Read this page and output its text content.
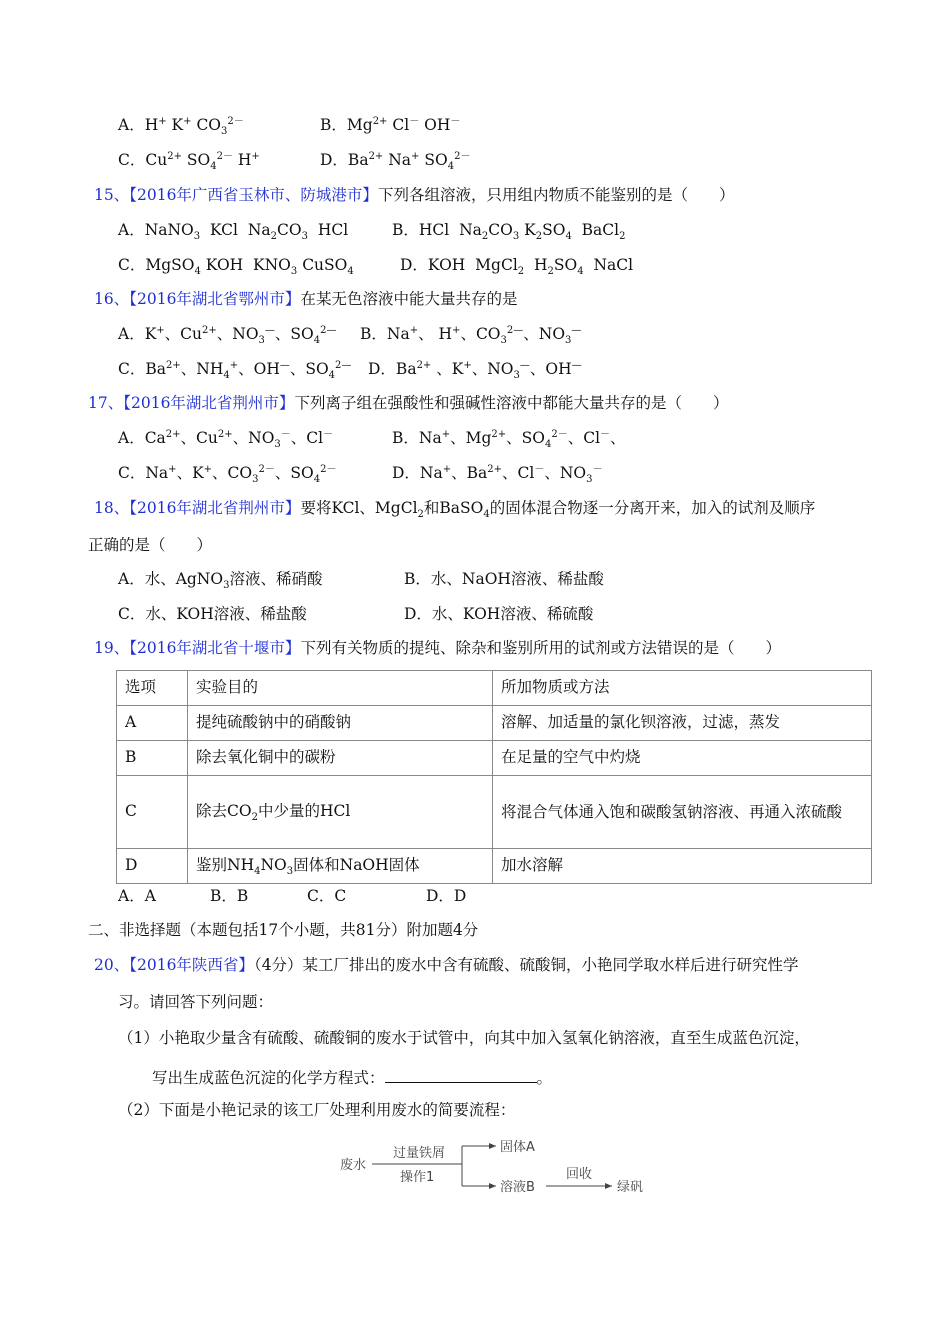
A．H+ K+ $CO_3^{2-}$	B．$Mg^{2+}$ Cl－ OH－
C．$Cu^{2+}$ $SO_4^{2-}$ H+	D．$Ba^{2+}$ Na+ $SO_4^{2-}$
15、【2016年广西省玉林市、防城港市】下列各组溶液，只用组内物质不能鉴别的是（　　）
A．NaNO$_3$  KCl  $Na_2CO_3$  HCl	B．HCl  $Na_2CO_3$ $K_2SO_4$  BaCl$_2$
C．MgSO$_4$ KOH  $KNO_3$ CuSO$_4$	D．KOH  MgCl$_2$  $H_2SO_4$  NaCl
16、【2016年湖北省鄂州市】在某无色溶液中能大量共存的是
A．K+、$Cu^{2+}$、$NO_3^—$、$SO_4^{2—}$ B．Na+、 H+、$CO_3^{2—}$、$NO_3^—$
C．$Ba^{2+}$、$NH_4^+$、OH—、$SO_4^{2—}$ D．$Ba^{2+}$ 、K+、$NO_3^—$、OH—
17、【2016年湖北省荆州市】下列离子组在强酸性和强碱性溶液中都能大量共存的是（　　）
A．$Ca^{2+}$、$Cu^{2+}$、$NO_3^-$、Cl－	B．Na+、$Mg^{2+}$、$SO_4^{2-}$、Cl－、
C．Na+、K+、$CO_3^{2-}$、$SO_4^{2-}$	D．Na+、$Ba^{2+}$、Cl－、$NO_3^-$
18、【2016年湖北省荆州市】要将KCl、MgCl$_2$和BaSO$_4$的固体混合物逐一分离开来，加入的试剂及顺序
正确的是（　　）
A．水、AgNO$_3$溶液、稀硝酸	B．水、NaOH溶液、稀盐酸
C．水、KOH溶液、稀盐酸	D．水、KOH溶液、稀硫酸
19、【2016年湖北省十堰市】下列有关物质的提纯、除杂和鉴别所用的试剂或方法错误的是（　　）
选项	实验目的	所加物质或方法
A	提纯硫酸钠中的硝酸钠	溶解、加适量的氯化钡溶液，过滤，蒸发
B	除去氧化铜中的碳粉	在足量的空气中灼烧
C	除去$CO_2$中少量的HCl	将混合气体通入饱和碳酸氢钠溶液、再通入浓硫酸
D	鉴别$NH_4NO_3$固体和NaOH固体	加水溶解
A．A	B．B	C．C	D．D
二、非选择题（本题包括17个小题，共81分）附加题4分
20、【2016年陕西省】（4分）某工厂排出的废水中含有硫酸、硫酸铜，小艳同学取水样后进行研究性学
习。请回答下列问题：
（1）小艳取少量含有硫酸、硫酸铜的废水于试管中，向其中加入氢氧化钠溶液，直至生成蓝色沉淀，
写出生成蓝色沉淀的化学方程式：	。
（2）下面是小艳记录的该工厂处理利用废水的简要流程：
废水
过量铁屑
操作1
固体A
溶液B
回收
绿矾
